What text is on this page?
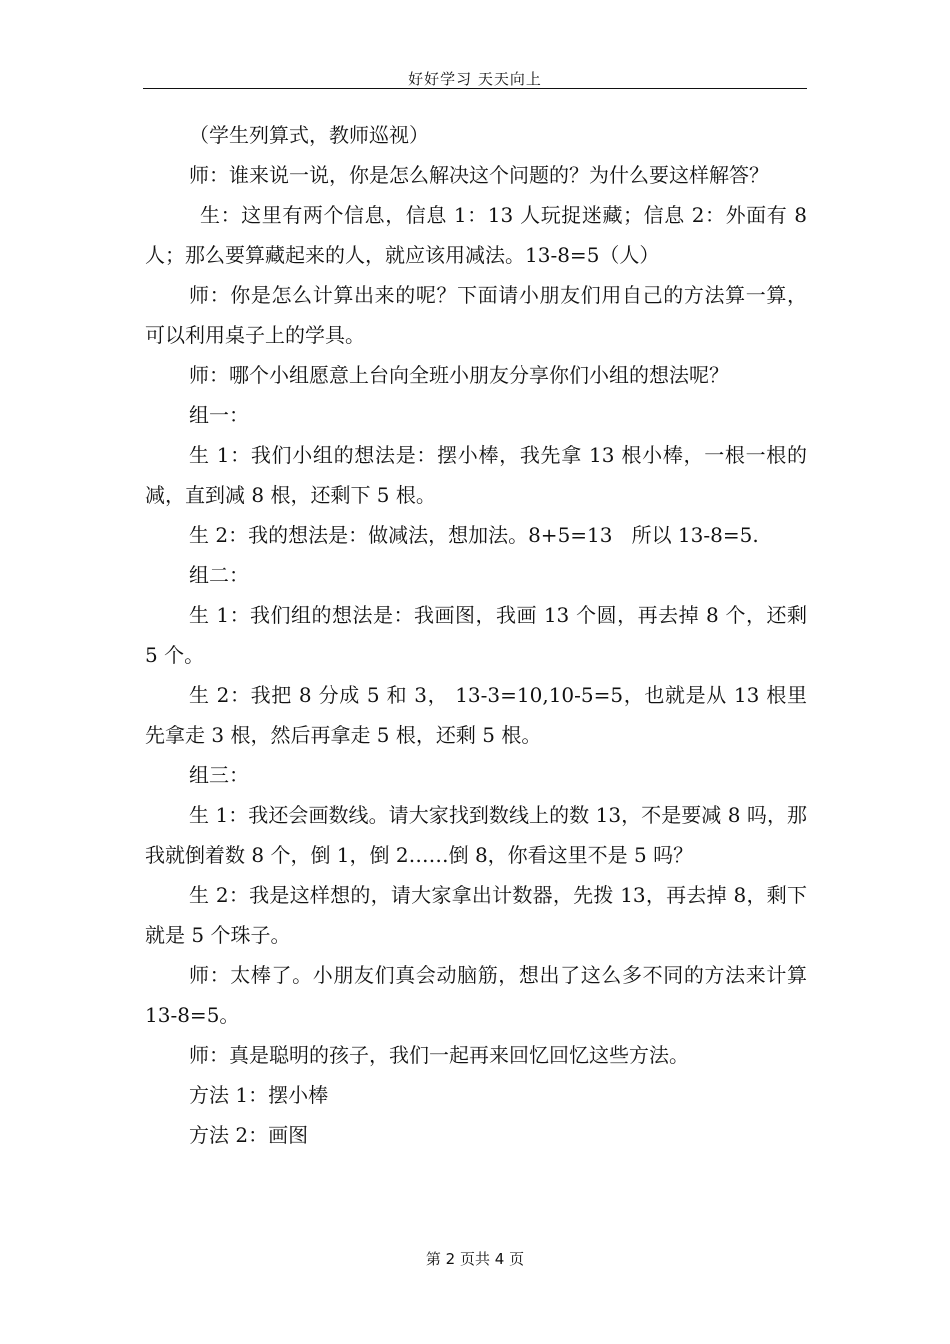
好好学习 天天向上

（学生列算式，教师巡视）

师：谁来说一说，你是怎么解决这个问题的？为什么要这样解答？

生：这里有两个信息，信息 1：13 人玩捉迷藏；信息 2：外面有 8 人；那么要算藏起来的人，就应该用减法。13-8=5（人）

师：你是怎么计算出来的呢？下面请小朋友们用自己的方法算一算，可以利用桌子上的学具。

师：哪个小组愿意上台向全班小朋友分享你们小组的想法呢？

组一：

生 1：我们小组的想法是：摆小棒，我先拿 13 根小棒，一根一根的减，直到减 8 根，还剩下 5 根。

生 2：我的想法是：做减法，想加法。8+5=13   所以 13-8=5.

组二：

生 1：我们组的想法是：我画图，我画 13 个圆，再去掉 8 个，还剩 5 个。

生 2：我把 8 分成 5 和 3， 13-3=10,10-5=5，也就是从 13 根里先拿走 3 根，然后再拿走 5 根，还剩 5 根。

组三：

生 1：我还会画数线。请大家找到数线上的数 13，不是要减 8 吗，那我就倒着数 8 个，倒 1，倒 2……倒 8，你看这里不是 5 吗？

生 2：我是这样想的，请大家拿出计数器，先拨 13，再去掉 8，剩下就是 5 个珠子。

师：太棒了。小朋友们真会动脑筋，想出了这么多不同的方法来计算 13-8=5。

师：真是聪明的孩子，我们一起再来回忆回忆这些方法。

方法 1：摆小棒

方法 2：画图

第 2 页共 4 页
